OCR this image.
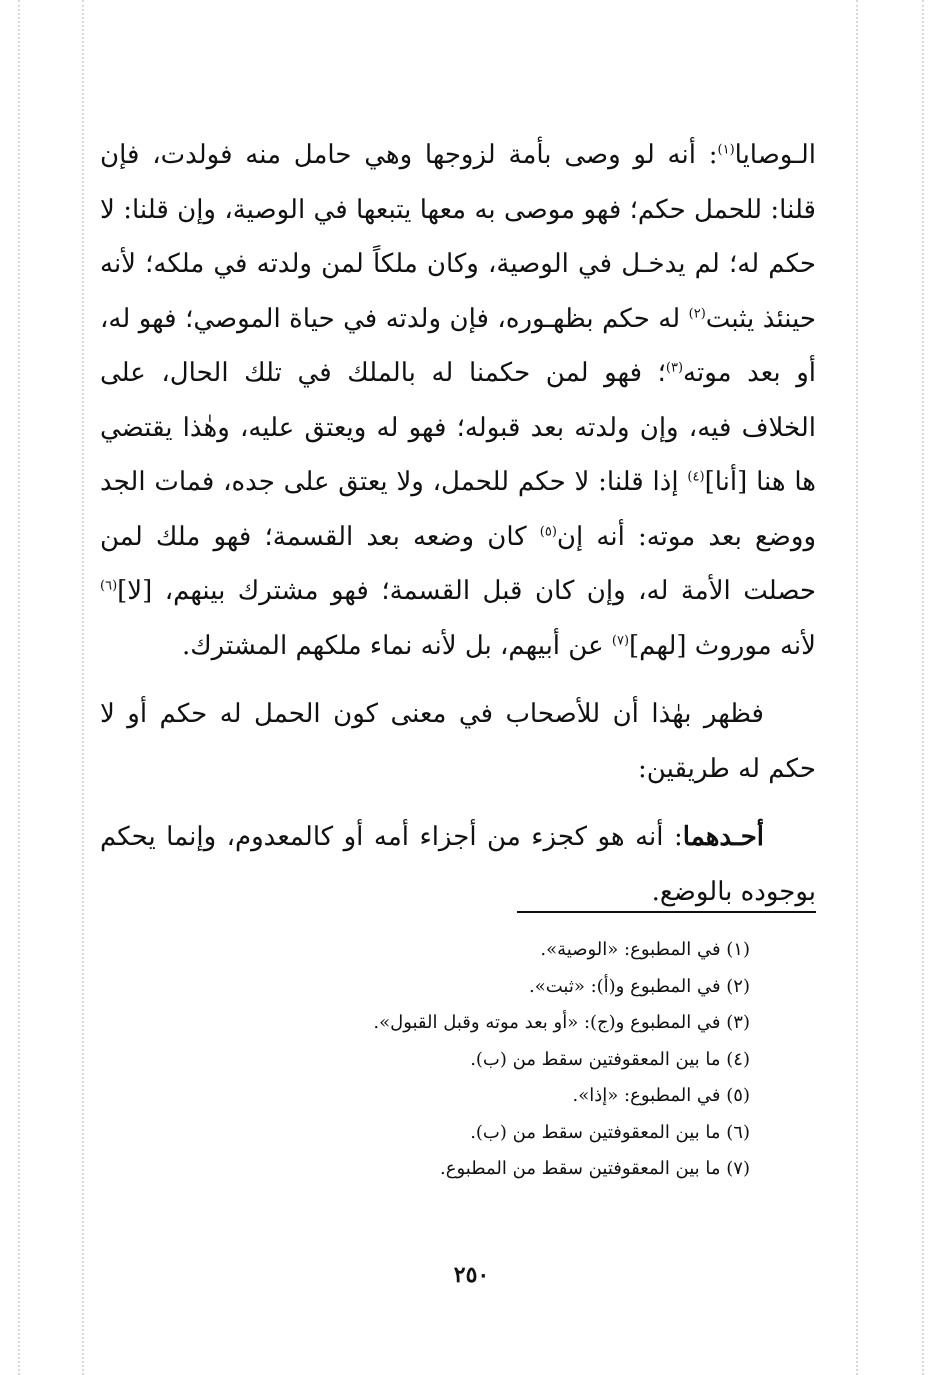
الـوصايا$^{(١)}$: أنه لو وصى بأمة لزوجها وهي حامل منه فولدت، فإن قلنا: للحمل حكم؛ فهو موصى به معها يتبعها في الوصية، وإن قلنا: لا حكم له؛ لم يدخـل في الوصية، وكان ملكاً لمن ولدته في ملكه؛ لأنه حينئذ يثبت$^{(٢)}$ له حكم بظهـوره، فإن ولدته في حياة الموصي؛ فهو له، أو بعد موته$^{(٣)}$؛ فهو لمن حكمنا له بالملك في تلك الحال، على الخلاف فيه، وإن ولدته بعد قبوله؛ فهو له ويعتق عليه، وهٰذا يقتضي ها هنا [أنا]$^{(٤)}$ إذا قلنا: لا حكم للحمل، ولا يعتق على جده، فمات الجد ووضع بعد موته: أنه إن$^{(٥)}$ كان وضعه بعد القسمة؛ فهو ملك لمن حصلت الأمة له، وإن كان قبل القسمة؛ فهو مشترك بينهم، [لا]$^{(٦)}$ لأنه موروث [لهم]$^{(٧)}$ عن أبيهم، بل لأنه نماء ملكهم المشترك.

  فظهر بهٰذا أن للأصحاب في معنى كون الحمل له حكم أو لا حكم له طريقين:

  أحـدهما: أنه هو كجزء من أجزاء أمه أو كالمعدوم، وإنما يحكم بوجوده بالوضع.

(١) في المطبوع: «الوصية».
(٢) في المطبوع و(أ): «ثبت».
(٣) في المطبوع و(ج): «أو بعد موته وقبل القبول».
(٤) ما بين المعقوفتين سقط من (ب).
(٥) في المطبوع: «إذا».
(٦) ما بين المعقوفتين سقط من (ب).
(٧) ما بين المعقوفتين سقط من المطبوع.
٢٥٠
